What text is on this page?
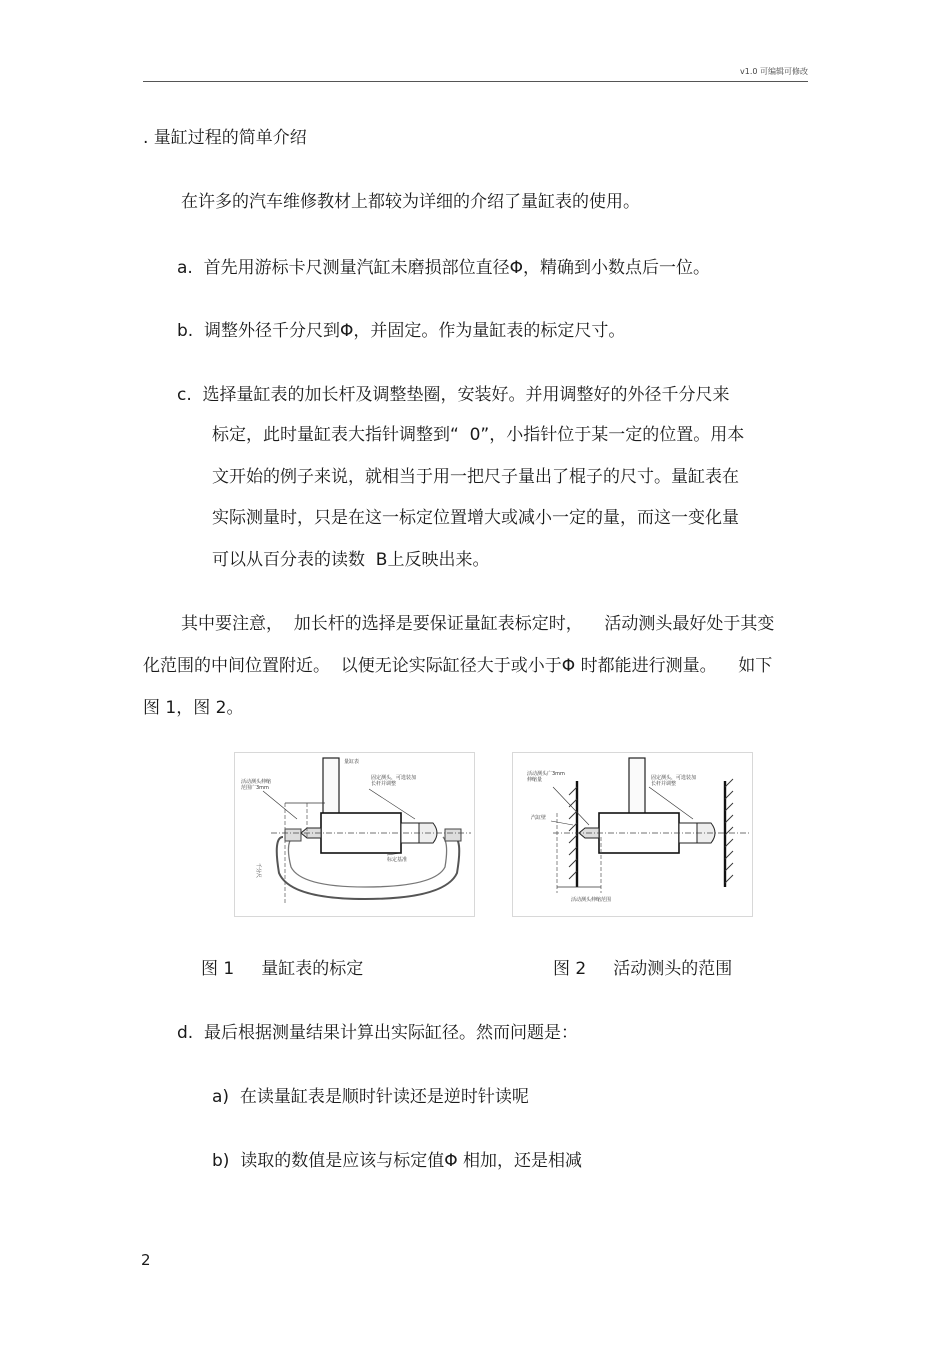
v1.0 可编辑可修改
. 量缸过程的简单介绍
在许多的汽车维修教材上都较为详细的介绍了量缸表的使用。
a.  首先用游标卡尺测量汽缸未磨损部位直径Φ，精确到小数点后一位。
b.  调整外径千分尺到Φ，并固定。作为量缸表的标定尺寸。
c.  选择量缸表的加长杆及调整垫圈，安装好。并用调整好的外径千分尺来
标定，此时量缸表大指针调整到“  0”，小指针位于某一定的位置。用本
文开始的例子来说，就相当于用一把尺子量出了棍子的尺寸。量缸表在
实际测量时，只是在这一标定位置增大或减小一定的量，而这一变化量
可以从百分表的读数  B上反映出来。
其中要注意，  加长杆的选择是要保证量缸表标定时，    活动测头最好处于其变
化范围的中间位置附近。  以便无论实际缸径大于或小于Φ 时都能进行测量。    如下
图 1，图 2。
量缸表
活动测头伸缩范围广3mm
固定测头，可选装加长杆并调整
标定基准
千分尺
活动测头广3mm 伸缩量
汽缸壁
固定测头，可选装加长杆并调整
活动测头伸缩范围
图 1     量缸表的标定	图 2     活动测头的范围
d.  最后根据测量结果计算出实际缸径。然而问题是：
a)  在读量缸表是顺时针读还是逆时针读呢
b)  读取的数值是应该与标定值Φ 相加，还是相减
2
